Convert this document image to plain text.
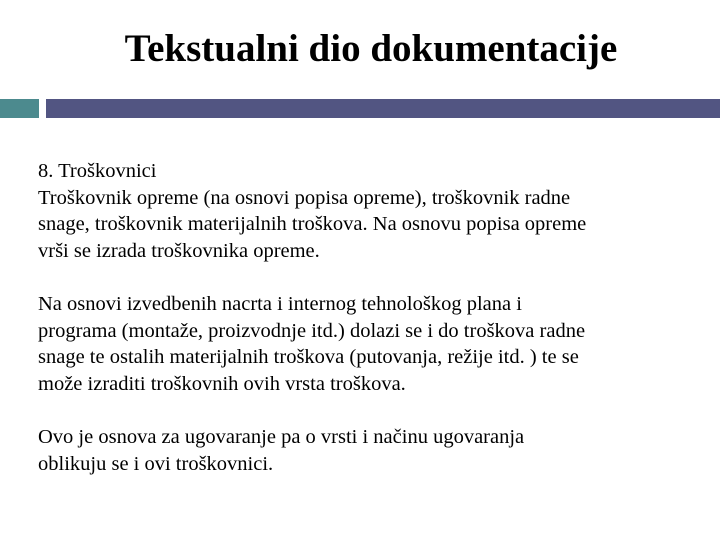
Tekstualni dio dokumentacije

8. Troškovnici
Troškovnik opreme (na osnovi popisa opreme), troškovnik radne
snage, troškovnik materijalnih troškova. Na osnovu popisa opreme
vrši se izrada troškovnika opreme.

Na osnovi izvedbenih nacrta i internog tehnološkog plana i
programa (montaže, proizvodnje itd.) dolazi se i do troškova radne
snage te ostalih materijalnih troškova (putovanja, režije itd. ) te se
može izraditi troškovnih ovih vrsta troškova.

Ovo je osnova za ugovaranje pa o vrsti i načinu ugovaranja
oblikuju se i ovi troškovnici.
